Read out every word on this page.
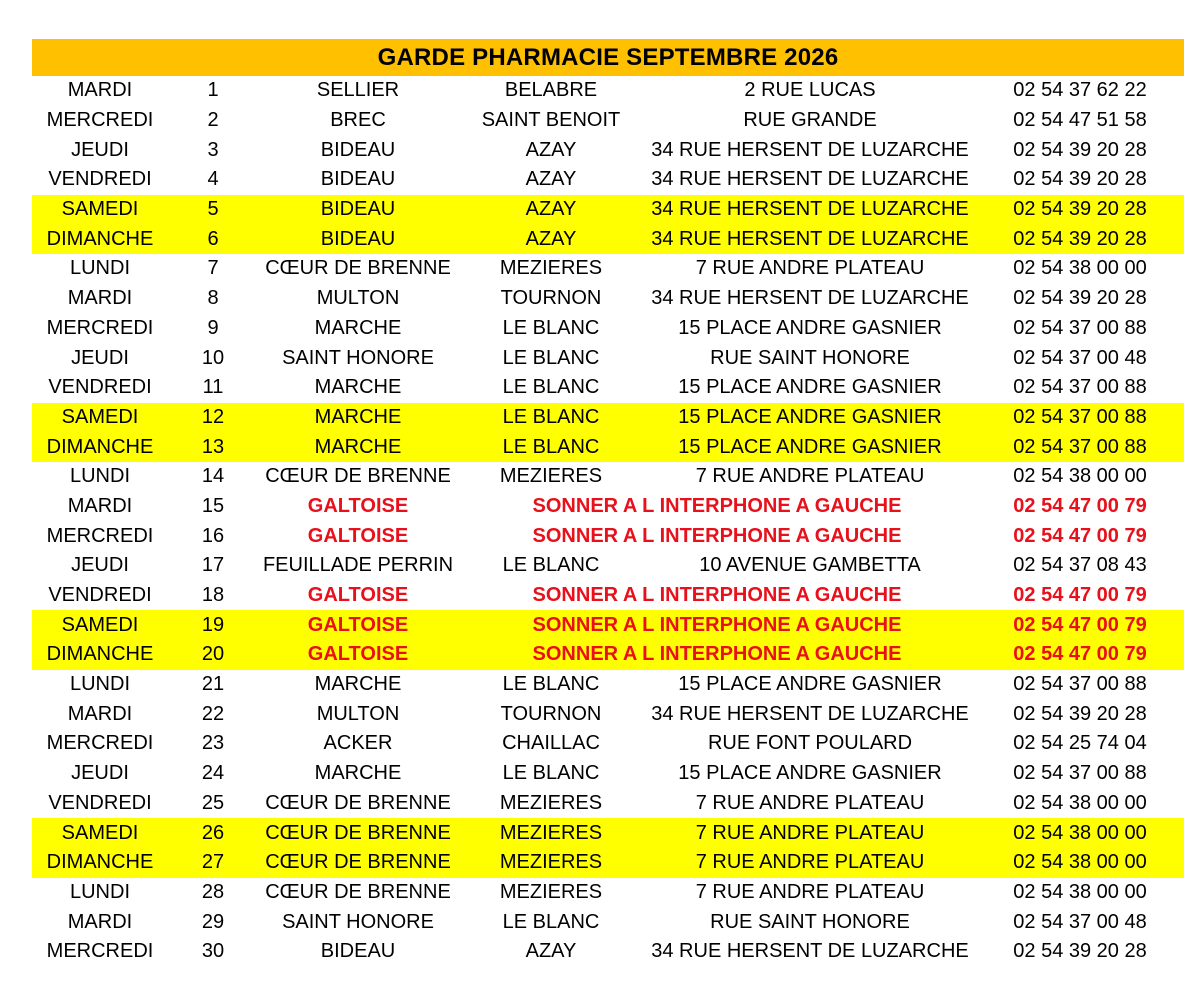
GARDE PHARMACIE SEPTEMBRE 2026
MARDI	1	SELLIER	BELABRE	2 RUE LUCAS	02 54 37 62 22
MERCREDI	2	BREC	SAINT BENOIT	RUE GRANDE	02 54 47 51 58
JEUDI	3	BIDEAU	AZAY	34 RUE HERSENT DE LUZARCHE	02 54 39 20 28
VENDREDI	4	BIDEAU	AZAY	34 RUE HERSENT DE LUZARCHE	02 54 39 20 28
SAMEDI	5	BIDEAU	AZAY	34 RUE HERSENT DE LUZARCHE	02 54 39 20 28
DIMANCHE	6	BIDEAU	AZAY	34 RUE HERSENT DE LUZARCHE	02 54 39 20 28
LUNDI	7	CŒUR DE BRENNE	MEZIERES	7 RUE ANDRE PLATEAU	02 54 38 00 00
MARDI	8	MULTON	TOURNON	34 RUE HERSENT DE LUZARCHE	02 54 39 20 28
MERCREDI	9	MARCHE	LE BLANC	15 PLACE ANDRE GASNIER	02 54 37 00 88
JEUDI	10	SAINT HONORE	LE BLANC	RUE SAINT HONORE	02 54 37 00 48
VENDREDI	11	MARCHE	LE BLANC	15 PLACE ANDRE GASNIER	02 54 37 00 88
SAMEDI	12	MARCHE	LE BLANC	15 PLACE ANDRE GASNIER	02 54 37 00 88
DIMANCHE	13	MARCHE	LE BLANC	15 PLACE ANDRE GASNIER	02 54 37 00 88
LUNDI	14	CŒUR DE BRENNE	MEZIERES	7 RUE ANDRE PLATEAU	02 54 38 00 00
MARDI	15	GALTOISE	SONNER A L INTERPHONE A GAUCHE		02 54 47 00 79
MERCREDI	16	GALTOISE	SONNER A L INTERPHONE A GAUCHE		02 54 47 00 79
JEUDI	17	FEUILLADE PERRIN	LE BLANC	10 AVENUE GAMBETTA	02 54 37 08 43
VENDREDI	18	GALTOISE	SONNER A L INTERPHONE A GAUCHE		02 54 47 00 79
SAMEDI	19	GALTOISE	SONNER A L INTERPHONE A GAUCHE		02 54 47 00 79
DIMANCHE	20	GALTOISE	SONNER A L INTERPHONE A GAUCHE		02 54 47 00 79
LUNDI	21	MARCHE	LE BLANC	15 PLACE ANDRE GASNIER	02 54 37 00 88
MARDI	22	MULTON	TOURNON	34 RUE HERSENT DE LUZARCHE	02 54 39 20 28
MERCREDI	23	ACKER	CHAILLAC	RUE FONT POULARD	02 54 25 74 04
JEUDI	24	MARCHE	LE BLANC	15 PLACE ANDRE GASNIER	02 54 37 00 88
VENDREDI	25	CŒUR DE BRENNE	MEZIERES	7 RUE ANDRE PLATEAU	02 54 38 00 00
SAMEDI	26	CŒUR DE BRENNE	MEZIERES	7 RUE ANDRE PLATEAU	02 54 38 00 00
DIMANCHE	27	CŒUR DE BRENNE	MEZIERES	7 RUE ANDRE PLATEAU	02 54 38 00 00
LUNDI	28	CŒUR DE BRENNE	MEZIERES	7 RUE ANDRE PLATEAU	02 54 38 00 00
MARDI	29	SAINT HONORE	LE BLANC	RUE SAINT HONORE	02 54 37 00 48
MERCREDI	30	BIDEAU	AZAY	34 RUE HERSENT DE LUZARCHE	02 54 39 20 28
